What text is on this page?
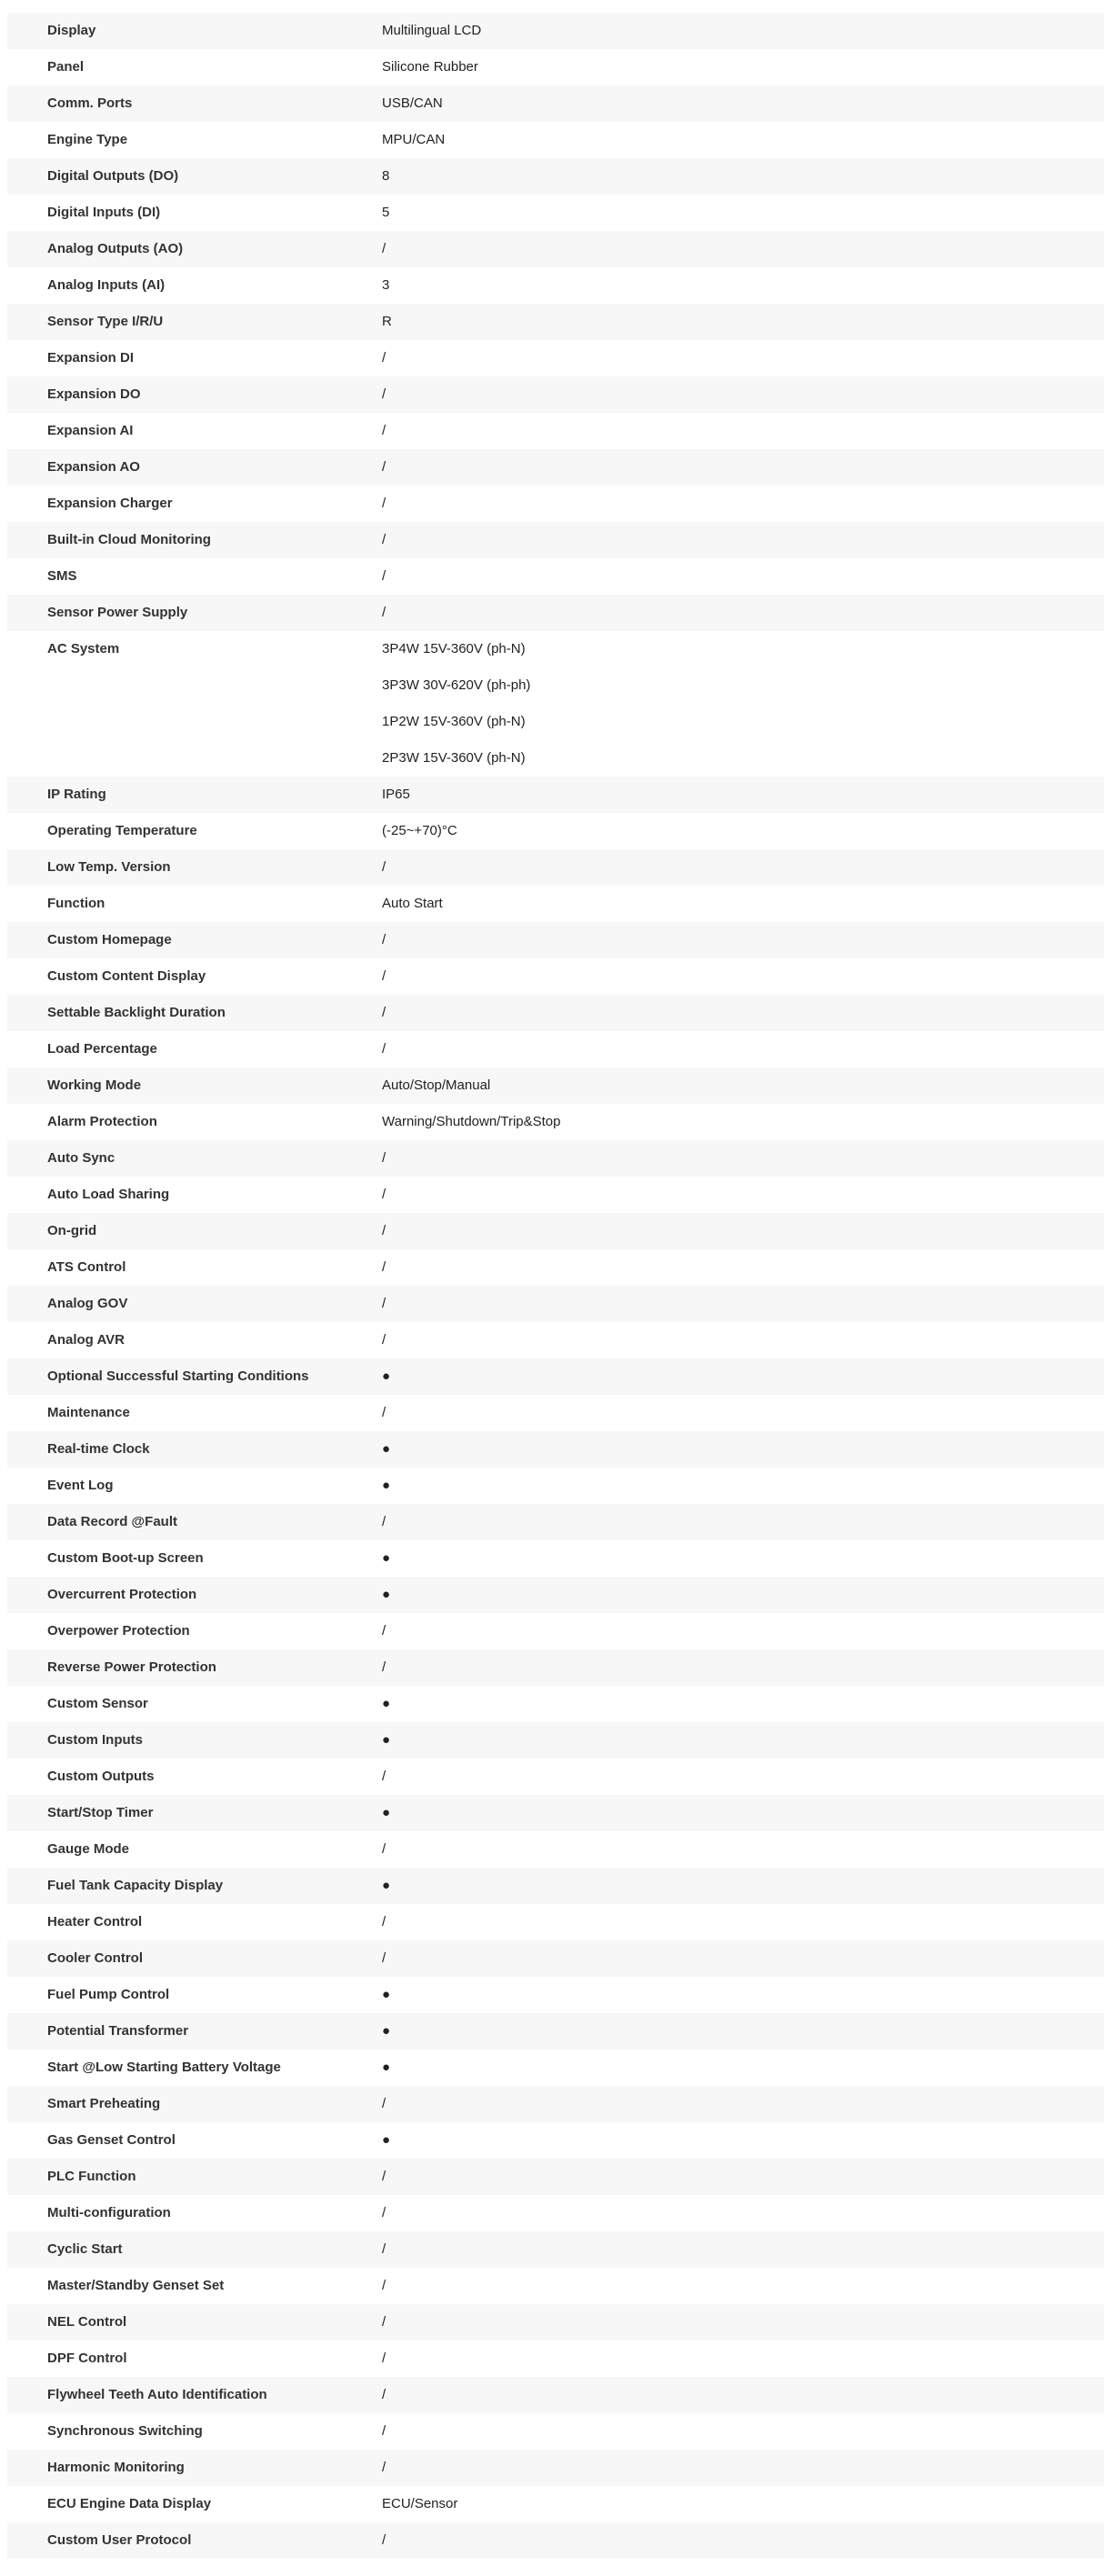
Display	Multilingual LCD
Panel	Silicone Rubber
Comm. Ports	USB/CAN
Engine Type	MPU/CAN
Digital Outputs (DO)	8
Digital Inputs (DI)	5
Analog Outputs (AO)	/
Analog Inputs (AI)	3
Sensor Type I/R/U	R
Expansion DI	/
Expansion DO	/
Expansion AI	/
Expansion AO	/
Expansion Charger	/
Built-in Cloud Monitoring	/
SMS	/
Sensor Power Supply	/
AC System	3P4W 15V-360V (ph-N)
3P3W 30V-620V (ph-ph)
1P2W 15V-360V (ph-N)
2P3W 15V-360V (ph-N)
IP Rating	IP65
Operating Temperature	(-25~+70)°C
Low Temp. Version	/
Function	Auto Start
Custom Homepage	/
Custom Content Display	/
Settable Backlight Duration	/
Load Percentage	/
Working Mode	Auto/Stop/Manual
Alarm Protection	Warning/Shutdown/Trip&Stop
Auto Sync	/
Auto Load Sharing	/
On-grid	/
ATS Control	/
Analog GOV	/
Analog AVR	/
Optional Successful Starting Conditions	●
Maintenance	/
Real-time Clock	●
Event Log	●
Data Record @Fault	/
Custom Boot-up Screen	●
Overcurrent Protection	●
Overpower Protection	/
Reverse Power Protection	/
Custom Sensor	●
Custom Inputs	●
Custom Outputs	/
Start/Stop Timer	●
Gauge Mode	/
Fuel Tank Capacity Display	●
Heater Control	/
Cooler Control	/
Fuel Pump Control	●
Potential Transformer	●
Start @Low Starting Battery Voltage	●
Smart Preheating	/
Gas Genset Control	●
PLC Function	/
Multi-configuration	/
Cyclic Start	/
Master/Standby Genset Set	/
NEL Control	/
DPF Control	/
Flywheel Teeth Auto Identification	/
Synchronous Switching	/
Harmonic Monitoring	/
ECU Engine Data Display	ECU/Sensor
Custom User Protocol	/
